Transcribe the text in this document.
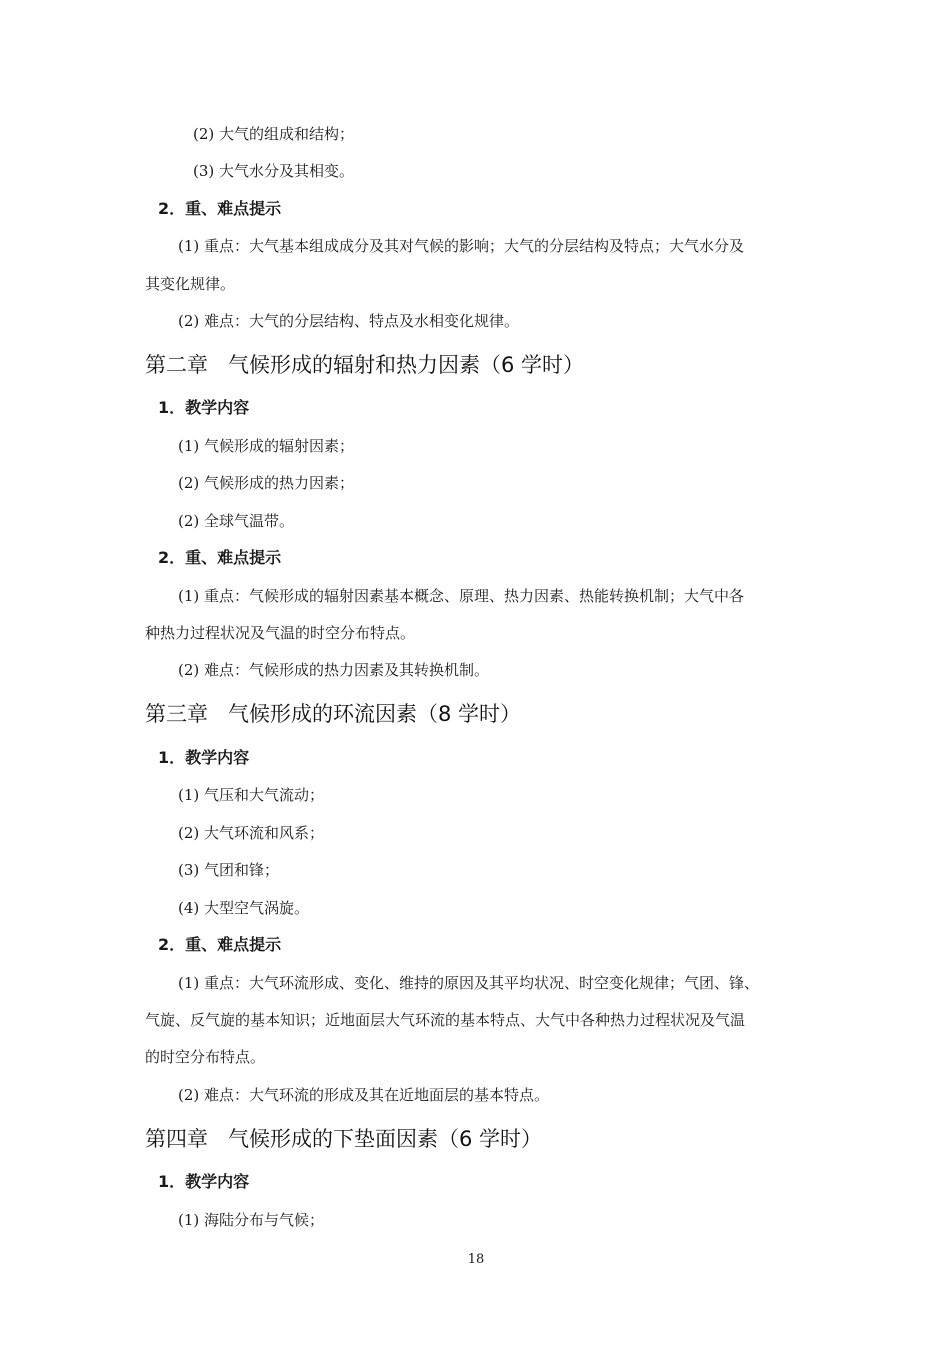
(2) 大气的组成和结构；
(3) 大气水分及其相变。
2．重、难点提示
(1) 重点：大气基本组成成分及其对气候的影响；大气的分层结构及特点；大气水分及
其变化规律。
(2) 难点：大气的分层结构、特点及水相变化规律。
第二章 气候形成的辐射和热力因素（6 学时）
1．教学内容
(1) 气候形成的辐射因素；
(2) 气候形成的热力因素；
(2) 全球气温带。
2．重、难点提示
(1) 重点：气候形成的辐射因素基本概念、原理、热力因素、热能转换机制；大气中各
种热力过程状况及气温的时空分布特点。
(2) 难点：气候形成的热力因素及其转换机制。
第三章 气候形成的环流因素（8 学时）
1．教学内容
(1) 气压和大气流动；
(2) 大气环流和风系；
(3) 气团和锋；
(4) 大型空气涡旋。
2．重、难点提示
(1) 重点：大气环流形成、变化、维持的原因及其平均状况、时空变化规律；气团、锋、
气旋、反气旋的基本知识；近地面层大气环流的基本特点、大气中各种热力过程状况及气温
的时空分布特点。
(2) 难点：大气环流的形成及其在近地面层的基本特点。
第四章 气候形成的下垫面因素（6 学时）
1．教学内容
(1) 海陆分布与气候；
18
